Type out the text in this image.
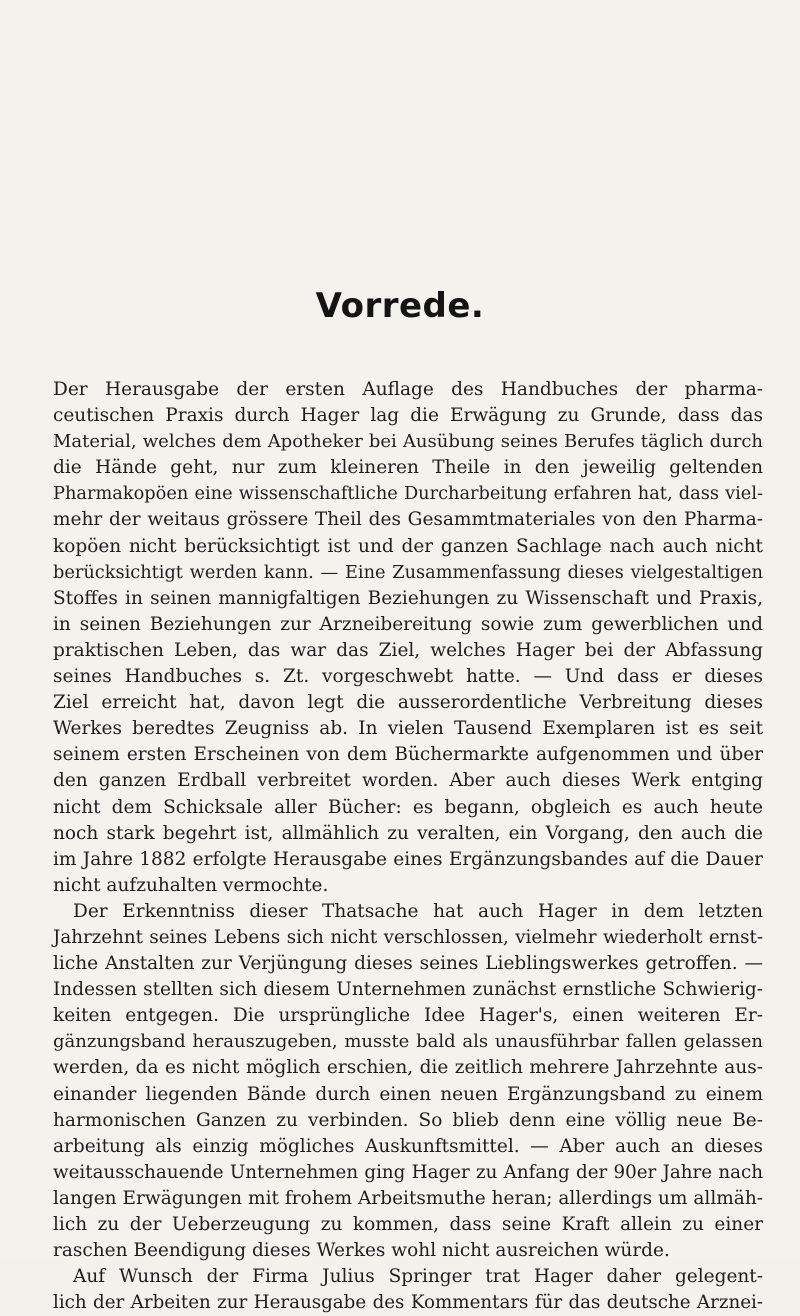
Vorrede.
Der Herausgabe der ersten Auflage des Handbuches der pharma-
ceutischen Praxis durch Hager lag die Erwägung zu Grunde, dass das
Material, welches dem Apotheker bei Ausübung seines Berufes täglich durch
die Hände geht, nur zum kleineren Theile in den jeweilig geltenden
Pharmakopöen eine wissenschaftliche Durcharbeitung erfahren hat, dass viel-
mehr der weitaus grössere Theil des Gesammtmateriales von den Pharma-
kopöen nicht berücksichtigt ist und der ganzen Sachlage nach auch nicht
berücksichtigt werden kann. — Eine Zusammenfassung dieses vielgestaltigen
Stoffes in seinen mannigfaltigen Beziehungen zu Wissenschaft und Praxis,
in seinen Beziehungen zur Arzneibereitung sowie zum gewerblichen und
praktischen Leben, das war das Ziel, welches Hager bei der Abfassung
seines Handbuches s. Zt. vorgeschwebt hatte. — Und dass er dieses
Ziel erreicht hat, davon legt die ausserordentliche Verbreitung dieses
Werkes beredtes Zeugniss ab. In vielen Tausend Exemplaren ist es seit
seinem ersten Erscheinen von dem Büchermarkte aufgenommen und über
den ganzen Erdball verbreitet worden. Aber auch dieses Werk entging
nicht dem Schicksale aller Bücher: es begann, obgleich es auch heute
noch stark begehrt ist, allmählich zu veralten, ein Vorgang, den auch die
im Jahre 1882 erfolgte Herausgabe eines Ergänzungsbandes auf die Dauer
nicht aufzuhalten vermochte.
Der Erkenntniss dieser Thatsache hat auch Hager in dem letzten
Jahrzehnt seines Lebens sich nicht verschlossen, vielmehr wiederholt ernst-
liche Anstalten zur Verjüngung dieses seines Lieblingswerkes getroffen. —
Indessen stellten sich diesem Unternehmen zunächst ernstliche Schwierig-
keiten entgegen. Die ursprüngliche Idee Hager's, einen weiteren Er-
gänzungsband herauszugeben, musste bald als unausführbar fallen gelassen
werden, da es nicht möglich erschien, die zeitlich mehrere Jahrzehnte aus-
einander liegenden Bände durch einen neuen Ergänzungsband zu einem
harmonischen Ganzen zu verbinden. So blieb denn eine völlig neue Be-
arbeitung als einzig mögliches Auskunftsmittel. — Aber auch an dieses
weitausschauende Unternehmen ging Hager zu Anfang der 90er Jahre nach
langen Erwägungen mit frohem Arbeitsmuthe heran; allerdings um allmäh-
lich zu der Ueberzeugung zu kommen, dass seine Kraft allein zu einer
raschen Beendigung dieses Werkes wohl nicht ausreichen würde.
Auf Wunsch der Firma Julius Springer trat Hager daher gelegent-
lich der Arbeiten zur Herausgabe des Kommentars für das deutsche Arznei-
